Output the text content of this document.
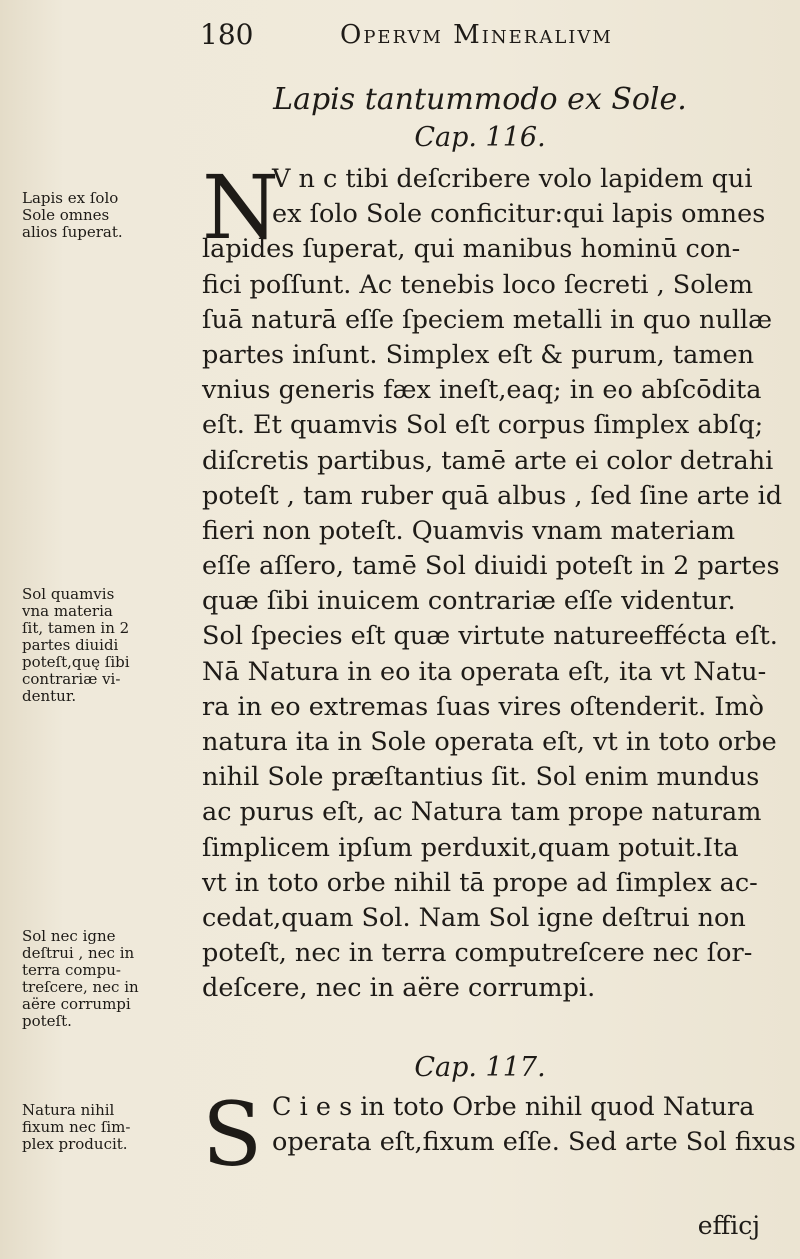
180	Opervm Mineralivm
Lapis tantummodo ex Sole.
Cap. 116.
N
V n c tibi deſcribere volo lapidem qui
ex ſolo Sole conficitur:qui lapis omnes
lapides ſuperat, qui manibus hominū con-
fici poſſunt. Ac tenebis loco ſecreti , Solem
ſuā naturā eſſe ſpeciem metalli in quo nullæ
partes inſunt. Simplex eſt & purum, tamen
vnius generis fæx ineſt,eaq; in eo abſcōdita
eſt. Et quamvis Sol eſt corpus ſimplex abſq;
diſcretis partibus, tamē arte ei color detrahi
poteſt , tam ruber quā albus , ſed ſine arte id
fieri non poteſt. Quamvis vnam materiam
eſſe aſſero, tamē Sol diuidi poteſt in 2 partes
quæ ſibi inuicem contrariæ eſſe videntur.
Sol ſpecies eſt quæ virtute natureeffécta eſt.
Nā Natura in eo ita operata eſt, ita vt Natu-
ra in eo extremas ſuas vires oſtenderit. Imò
natura ita in Sole operata eſt, vt in toto orbe
nihil Sole præſtantius ſit. Sol enim mundus
ac purus eſt, ac Natura tam prope naturam
ſimplicem ipſum perduxit,quam potuit.Ita
vt in toto orbe nihil tā prope ad ſimplex ac-
cedat,quam Sol. Nam Sol igne deſtrui non
poteſt, nec in terra computreſcere nec ſor-
deſcere, nec in aëre corrumpi.
Cap. 117.
S C i e s in toto Orbe nihil quod Natura
operata eſt,fixum eſſe. Sed arte Sol fixus
efficj
Lapis ex ſolo
Sole omnes
alios ſuperat.
Sol quamvis
vna materia
ſit, tamen in 2
partes diuidi
poteſt,quę ſibi
contrariæ vi-
dentur.
Sol nec igne
deſtrui , nec in
terra compu-
treſcere, nec in
aëre corrumpi
poteſt.
Natura nihil
fixum nec ſim-
plex producit.
